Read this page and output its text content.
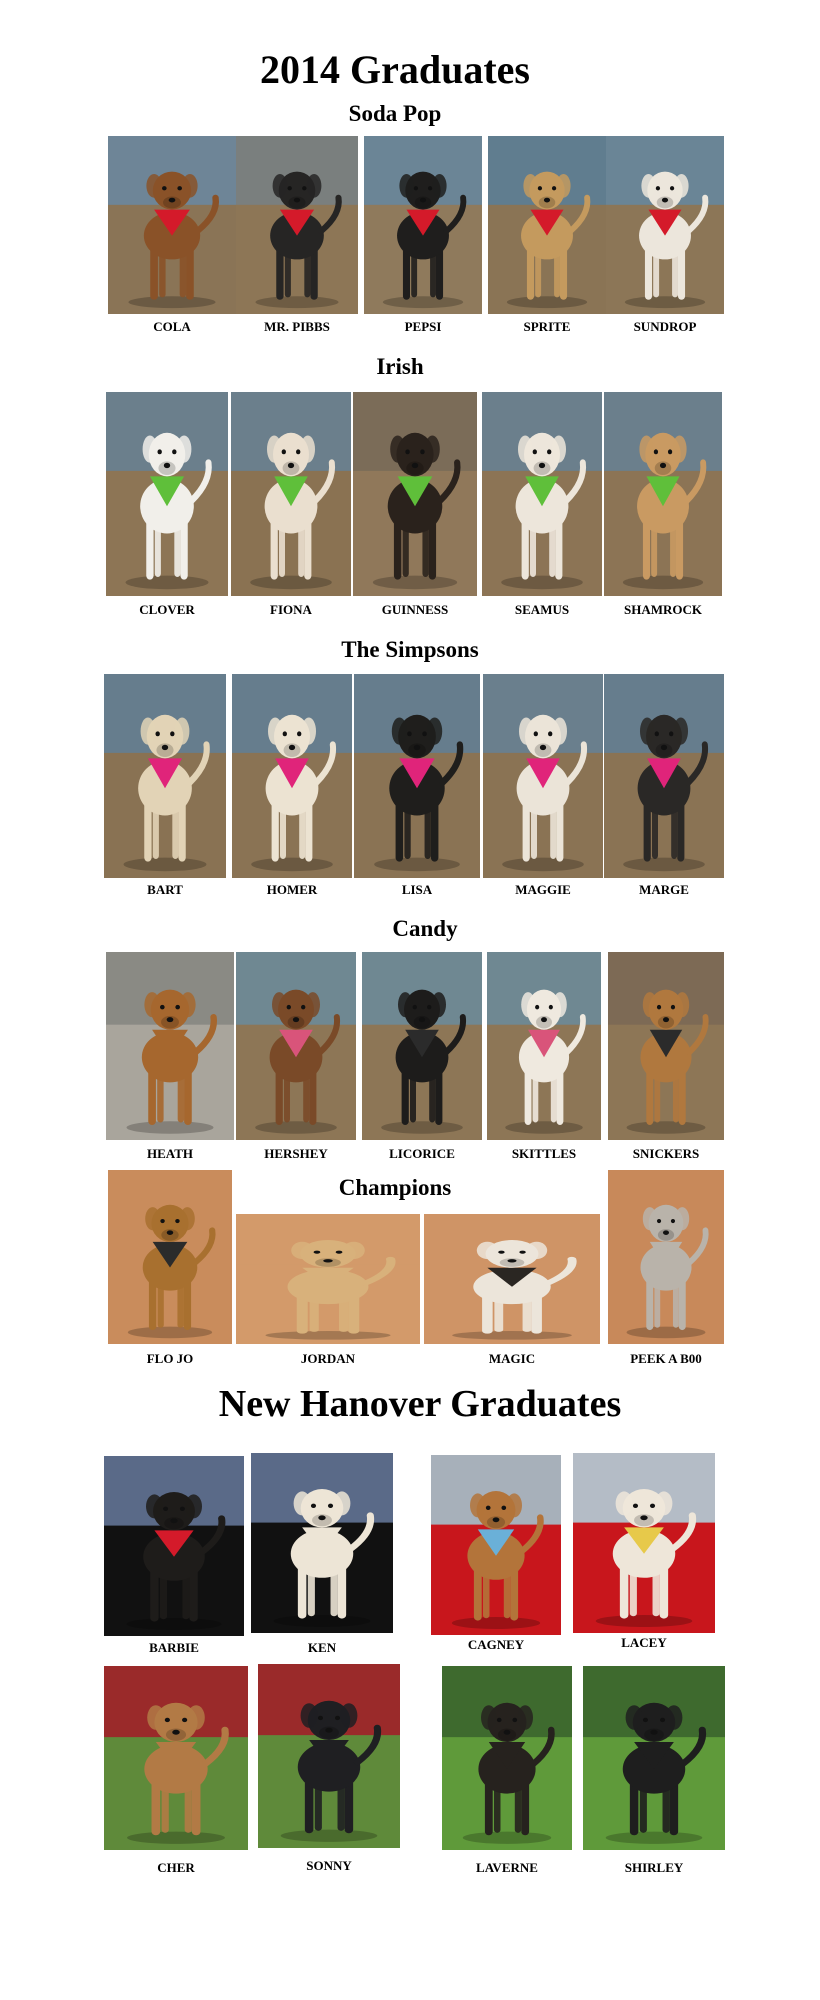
2014 Graduates
Soda Pop
Irish
The Simpsons
Candy
Champions
New Hanover Graduates
COLA	MR. PIBBS	PEPSI	SPRITE	SUNDROP
CLOVER	FIONA	GUINNESS	SEAMUS	SHAMROCK
BART	HOMER	LISA	MAGGIE	MARGE
HEATH	HERSHEY	LICORICE	SKITTLES	SNICKERS
FLO JO	JORDAN	MAGIC	PEEK A B00
BARBIE	KEN	CAGNEY	LACEY
CHER	SONNY	LAVERNE	SHIRLEY
